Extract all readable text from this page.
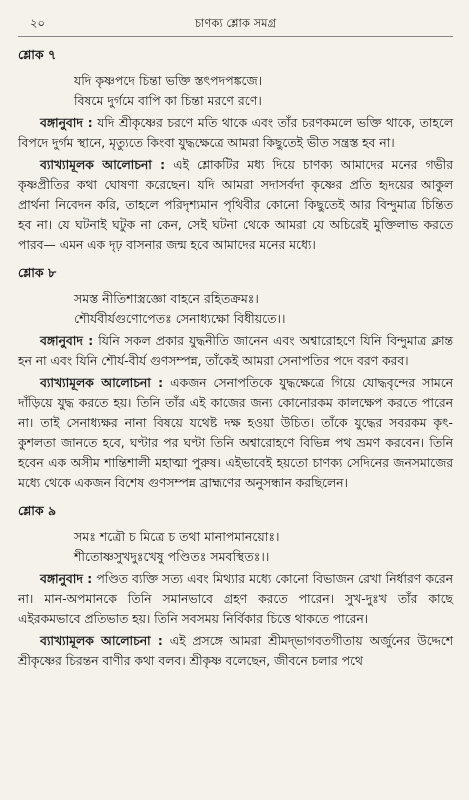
২০	চাণক্য শ্লোক সমগ্র
শ্লোক ৭
যদি কৃষ্ণপদে চিন্তা ভক্তি স্তৎপদপঙ্কজে।
বিষমে দুর্গমে বাপি কা চিন্তা মরণে রণে।

বঙ্গানুবাদ : যদি শ্রীকৃষ্ণের চরণে মতি থাকে এবং তাঁর চরণকমলে ভক্তি থাকে, তাহলে বিপদে দুর্গম স্থানে, মৃত্যুতে কিংবা যুদ্ধক্ষেত্রে আমরা কিছুতেই ভীত সন্ত্রস্ত হব না।

ব্যাখ্যামূলক আলোচনা : এই শ্লোকটির মধ্য দিয়ে চাণক্য আমাদের মনের গভীর কৃষ্ণপ্রীতির কথা ঘোষণা করেছেন। যদি আমরা সদাসর্বদা কৃষ্ণের প্রতি হৃদয়ের আকুল প্রার্থনা নিবেদন করি, তাহলে পরিদৃশ্যমান পৃথিবীর কোনো কিছুতেই আর বিন্দুমাত্র চিন্তিত হব না। যে ঘটনাই ঘটুক না কেন, সেই ঘটনা থেকে আমরা যে অচিরেই মুক্তিলাভ করতে পারব— এমন এক দৃঢ় বাসনার জন্ম হবে আমাদের মনের মধ্যে।

শ্লোক ৮
সমস্ত নীতিশাস্ত্রজ্ঞো বাহনে রহিতক্রমঃ।
শৌর্যবীর্যগুণোপেতঃ সেনাধ্যক্ষো বিধীয়তে।।

বঙ্গানুবাদ : যিনি সকল প্রকার যুদ্ধনীতি জানেন এবং অশ্বারোহণে যিনি বিন্দুমাত্র ক্লান্ত হন না এবং যিনি শৌর্য-বীর্য গুণসম্পন্ন, তাঁকেই আমরা সেনাপতির পদে বরণ করব।

ব্যাখ্যামূলক আলোচনা : একজন সেনাপতিকে যুদ্ধক্ষেত্রে গিয়ে যোদ্ধবৃন্দের সামনে দাঁড়িয়ে যুদ্ধ করতে হয়। তিনি তাঁর এই কাজের জন্য কোনোরকম কালক্ষেপ করতে পারেন না। তাই সেনাধ্যক্ষর নানা বিষয়ে যথেষ্ট দক্ষ হওয়া উচিত। তাঁকে যুদ্ধের সবরকম কৃৎ-কুশলতা জানতে হবে, ঘণ্টার পর ঘণ্টা তিনি অশ্বারোহণে বিভিন্ন পথ ভ্রমণ করবেন। তিনি হবেন এক অসীম শান্তিশালী মহাত্মা পুরুষ। এইভাবেই হয়তো চাণক্য সেদিনের জনসমাজের মধ্যে থেকে একজন বিশেষ গুণসম্পন্ন ব্রাহ্মণের অনুসন্ধান করছিলেন।

শ্লোক ৯
সমঃ শত্রৌ চ মিত্রে চ তথা মানাপমানয়োঃ।
শীতোষ্ণসুখদুঃখেষু পণ্ডিতঃ সমবস্থিতঃ।।

বঙ্গানুবাদ : পণ্ডিত ব্যক্তি সত্য এবং মিথ্যার মধ্যে কোনো বিভাজন রেখা নির্ধারণ করেন না। মান-অপমানকে তিনি সমানভাবে গ্রহণ করতে পারেন। সুখ-দুঃখ তাঁর কাছে এইরকমভাবে প্রতিভাত হয়। তিনি সবসময় নির্বিকার চিত্তে থাকতে পারেন।

ব্যাখ্যামূলক আলোচনা : এই প্রসঙ্গে আমরা শ্রীমদ্‌ভাগবতগীতায় অর্জুনের উদ্দেশে শ্রীকৃষ্ণের চিরন্তন বাণীর কথা বলব। শ্রীকৃষ্ণ বলেছেন, জীবনে চলার পথে
